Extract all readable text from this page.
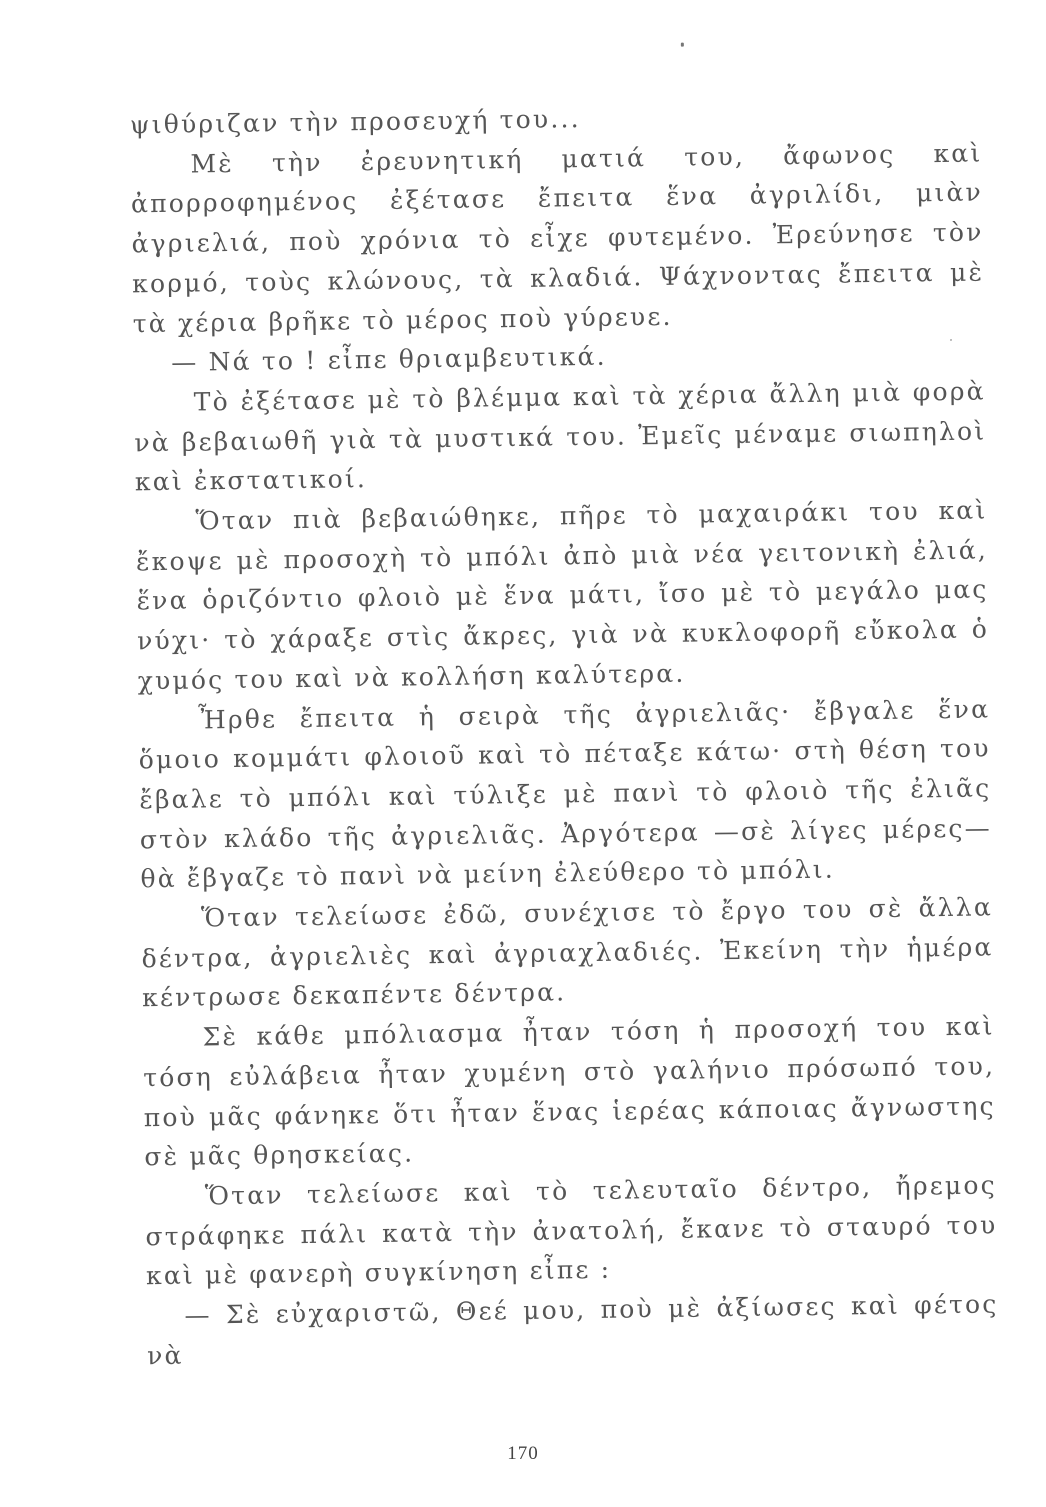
ψιθύριζαν τὴν προσευχή του...

Μὲ τὴν ἐρευνητική ματιά του, ἄφωνος καὶ ἀπορροφημένος ἐξέτασε ἔπειτα ἕνα ἀγριλίδι, μιὰν ἀγριελιά, ποὺ χρόνια τὸ εἶχε φυτεμένο. Ἐρεύνησε τὸν κορμό, τοὺς κλώνους, τὰ κλαδιά. Ψάχνοντας ἔπειτα μὲ τὰ χέρια βρῆκε τὸ μέρος ποὺ γύρευε.

— Νά το ! εἶπε θριαμβευτικά.

Τὸ ἐξέτασε μὲ τὸ βλέμμα καὶ τὰ χέρια ἄλλη μιὰ φορὰ νὰ βεβαιωθῆ γιὰ τὰ μυστικά του. Ἐμεῖς μέναμε σιωπηλοὶ καὶ ἐκστατικοί.

Ὅταν πιὰ βεβαιώθηκε, πῆρε τὸ μαχαιράκι του καὶ ἔκοψε μὲ προσοχὴ τὸ μπόλι ἀπὸ μιὰ νέα γειτονικὴ ἐλιά, ἕνα ὁριζόντιο φλοιὸ μὲ ἕνα μάτι, ἴσο μὲ τὸ μεγάλο μας νύχι· τὸ χάραξε στὶς ἄκρες, γιὰ νὰ κυκλοφορῆ εὔκολα ὁ χυμός του καὶ νὰ κολλήση καλύτερα.

Ἦρθε ἔπειτα ἡ σειρὰ τῆς ἀγριελιᾶς· ἔβγαλε ἕνα ὅμοιο κομμάτι φλοιοῦ καὶ τὸ πέταξε κάτω· στὴ θέση του ἔβαλε τὸ μπόλι καὶ τύλιξε μὲ πανὶ τὸ φλοιὸ τῆς ἐλιᾶς στὸν κλάδο τῆς ἀγριελιᾶς. Ἀργότερα —σὲ λίγες μέρες— θὰ ἔβγαζε τὸ πανὶ νὰ μείνη ἐλεύθερο τὸ μπόλι.

Ὅταν τελείωσε ἐδῶ, συνέχισε τὸ ἔργο του σὲ ἄλλα δέντρα, ἀγριελιὲς καὶ ἀγριαχλαδιές. Ἐκείνη τὴν ἡμέρα κέντρωσε δεκαπέντε δέντρα.

Σὲ κάθε μπόλιασμα ἦταν τόση ἡ προσοχή του καὶ τόση εὐλάβεια ἦταν χυμένη στὸ γαλήνιο πρόσωπό του, ποὺ μᾶς φάνηκε ὅτι ἦταν ἕνας ἱερέας κάποιας ἄγνωστης σὲ μᾶς θρησκείας.

Ὅταν τελείωσε καὶ τὸ τελευταῖο δέντρο, ἤρεμος στράφηκε πάλι κατὰ τὴν ἀνατολή, ἔκανε τὸ σταυρό του καὶ μὲ φανερὴ συγκίνηση εἶπε :

— Σὲ εὐχαριστῶ, Θεέ μου, ποὺ μὲ ἀξίωσες καὶ φέτος νὰ

170
